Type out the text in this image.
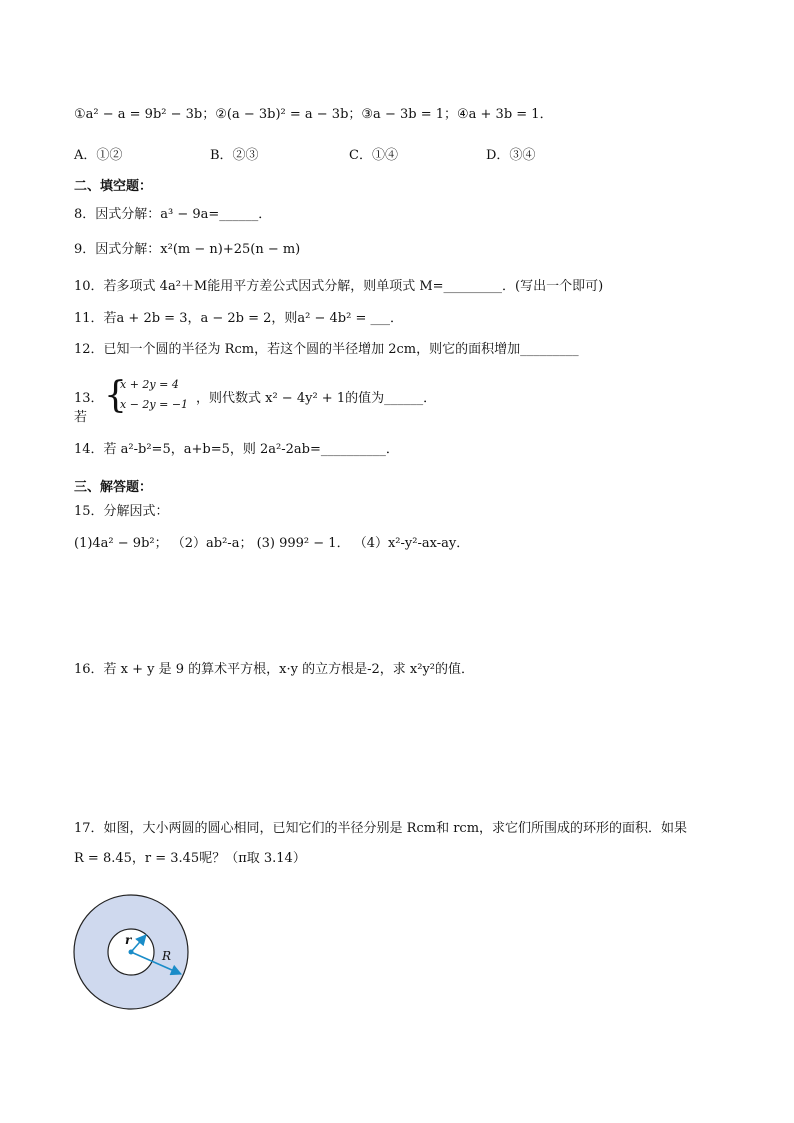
①a² − a = 9b² − 3b；②(a − 3b)² = a − 3b；③a − 3b = 1；④a + 3b = 1．
A．①②	B．②③	C．①④	D．③④
二、填空题：
8．因式分解：a³ − 9a=______．
9．因式分解：x²(m − n)+25(n − m)
10．若多项式 4a²＋M能用平方差公式因式分解，则单项式 M=_________．(写出一个即可)
11．若a + 2b = 3，a − 2b = 2，则a² − 4b² = ___．
12．已知一个圆的半径为 Rcm，若这个圆的半径增加 2cm，则它的面积增加_________
13．若
{
x + 2y = 4
x − 2y = −1 ，则代数式 x² − 4y² + 1的值为______．
14．若 a²-b²=5，a+b=5，则 2a²-2ab=__________．
三、解答题：
15．分解因式：
(1)4a² − 9b²； （2）ab²-a； (3) 999² − 1． （4）x²-y²-ax-ay．
16．若 x + y 是 9 的算术平方根，x·y 的立方根是-2，求 x²y²的值．
17．如图，大小两圆的圆心相同，已知它们的半径分别是 Rcm和 rcm，求它们所围成的环形的面积．如果
R = 8.45，r = 3.45呢？（π取 3.14）
r
R
